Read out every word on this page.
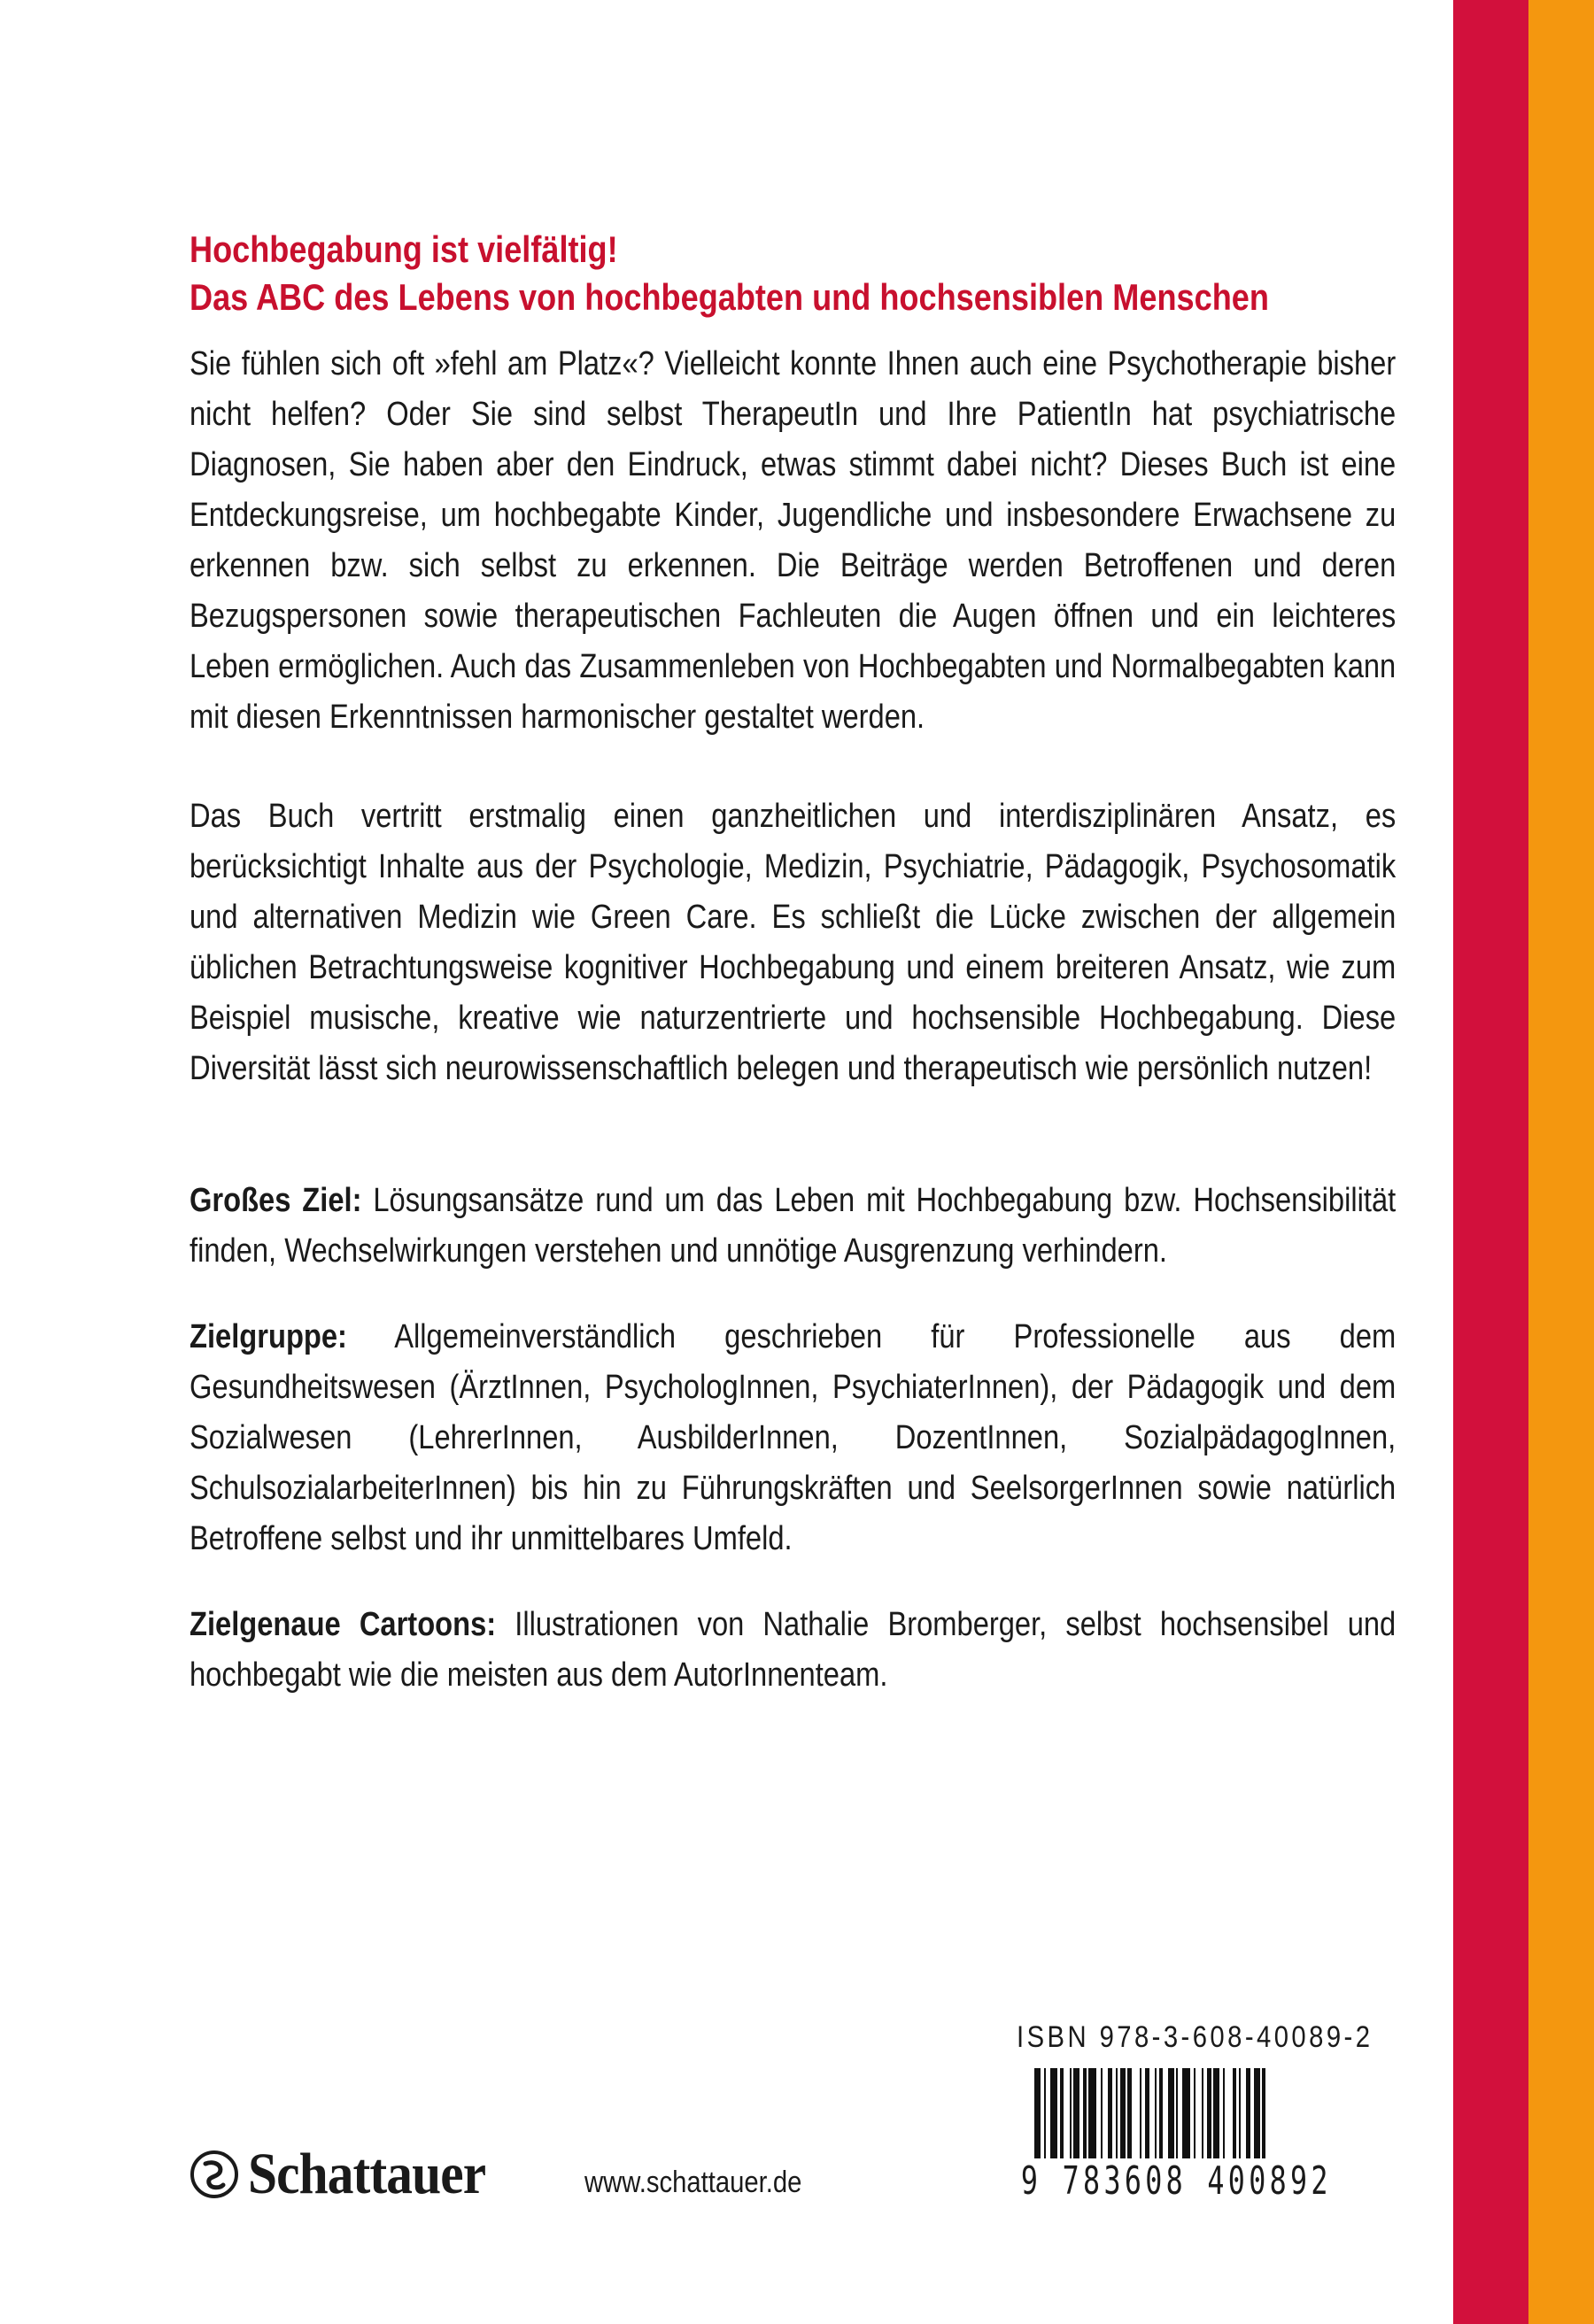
Hochbegabung ist vielfältig!
Das ABC des Lebens von hochbegabten und hochsensiblen Menschen

Sie fühlen sich oft »fehl am Platz«? Vielleicht konnte Ihnen auch eine Psychotherapie bisher nicht helfen? Oder Sie sind selbst TherapeutIn und Ihre PatientIn hat psychiatrische Diagnosen, Sie haben aber den Eindruck, etwas stimmt dabei nicht? Dieses Buch ist eine Entdeckungsreise, um hochbegabte Kinder, Jugendliche und insbesondere Erwachsene zu erkennen bzw. sich selbst zu erkennen. Die Beiträge werden Betroffenen und deren Bezugspersonen sowie therapeutischen Fachleuten die Augen öffnen und ein leichteres Leben ermöglichen. Auch das Zusammenleben von Hochbegabten und Normalbegabten kann mit diesen Erkenntnissen harmonischer gestaltet werden.

Das Buch vertritt erstmalig einen ganzheitlichen und interdisziplinären Ansatz, es berücksichtigt Inhalte aus der Psychologie, Medizin, Psychiatrie, Pädagogik, Psychosomatik und alternativen Medizin wie Green Care. Es schließt die Lücke zwischen der allgemein üblichen Betrachtungsweise kognitiver Hochbegabung und einem breiteren Ansatz, wie zum Beispiel musische, kreative wie naturzentrierte und hochsensible Hochbegabung. Diese Diversität lässt sich neurowissenschaftlich belegen und therapeutisch wie persönlich nutzen!

Großes Ziel: Lösungsansätze rund um das Leben mit Hochbegabung bzw. Hochsensibilität finden, Wechselwirkungen verstehen und unnötige Ausgrenzung verhindern.

Zielgruppe: Allgemeinverständlich geschrieben für Professionelle aus dem Gesundheitswesen (ÄrztInnen, PsychologInnen, PsychiaterInnen), der Pädagogik und dem Sozialwesen (LehrerInnen, AusbilderInnen, DozentInnen, SozialpädagogInnen, SchulsozialarbeiterInnen) bis hin zu Führungskräften und SeelsorgerInnen sowie natürlich Betroffene selbst und ihr unmittelbares Umfeld.

Zielgenaue Cartoons: Illustrationen von Nathalie Bromberger, selbst hochsensibel und hochbegabt wie die meisten aus dem AutorInnenteam.

Schattauer	www.schattauer.de
ISBN 978-3-608-40089-2
9 783608 400892
